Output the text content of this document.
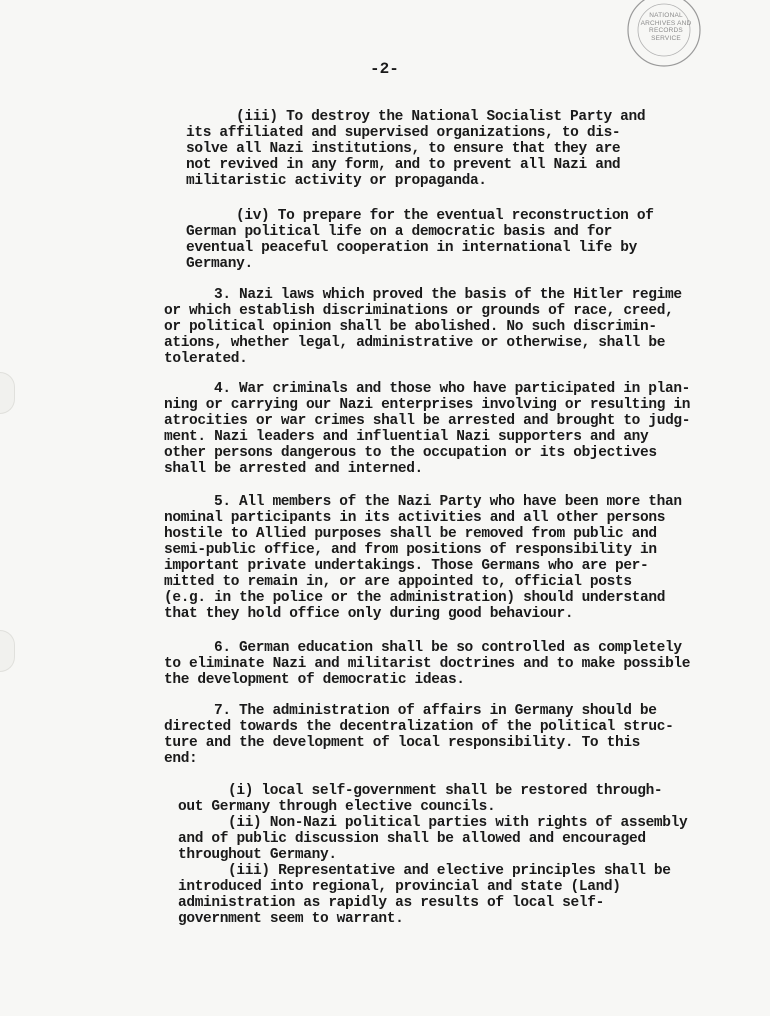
NATIONAL
ARCHIVES AND
RECORDS
SERVICE
-2-
(iii) To destroy the National Socialist Party and
its affiliated and supervised organizations, to dis-
solve all Nazi institutions, to ensure that they are
not revived in any form, and to prevent all Nazi and
militaristic activity or propaganda.
(iv) To prepare for the eventual reconstruction of
German political life on a democratic basis and for
eventual peaceful cooperation in international life by
Germany.
3. Nazi laws which proved the basis of the Hitler regime
or which establish discriminations or grounds of race, creed,
or political opinion shall be abolished. No such discrimin-
ations, whether legal, administrative or otherwise, shall be
tolerated.
4. War criminals and those who have participated in plan-
ning or carrying our Nazi enterprises involving or resulting in
atrocities or war crimes shall be arrested and brought to judg-
ment. Nazi leaders and influential Nazi supporters and any
other persons dangerous to the occupation or its objectives
shall be arrested and interned.
5. All members of the Nazi Party who have been more than
nominal participants in its activities and all other persons
hostile to Allied purposes shall be removed from public and
semi-public office, and from positions of responsibility in
important private undertakings. Those Germans who are per-
mitted to remain in, or are appointed to, official posts
(e.g. in the police or the administration) should understand
that they hold office only during good behaviour.
6. German education shall be so controlled as completely
to eliminate Nazi and militarist doctrines and to make possible
the development of democratic ideas.
7. The administration of affairs in Germany should be
directed towards the decentralization of the political struc-
ture and the development of local responsibility. To this
end:
(i) local self-government shall be restored through-
out Germany through elective councils.
(ii) Non-Nazi political parties with rights of assembly
and of public discussion shall be allowed and encouraged
throughout Germany.
(iii) Representative and elective principles shall be
introduced into regional, provincial and state (Land)
administration as rapidly as results of local self-
government seem to warrant.
